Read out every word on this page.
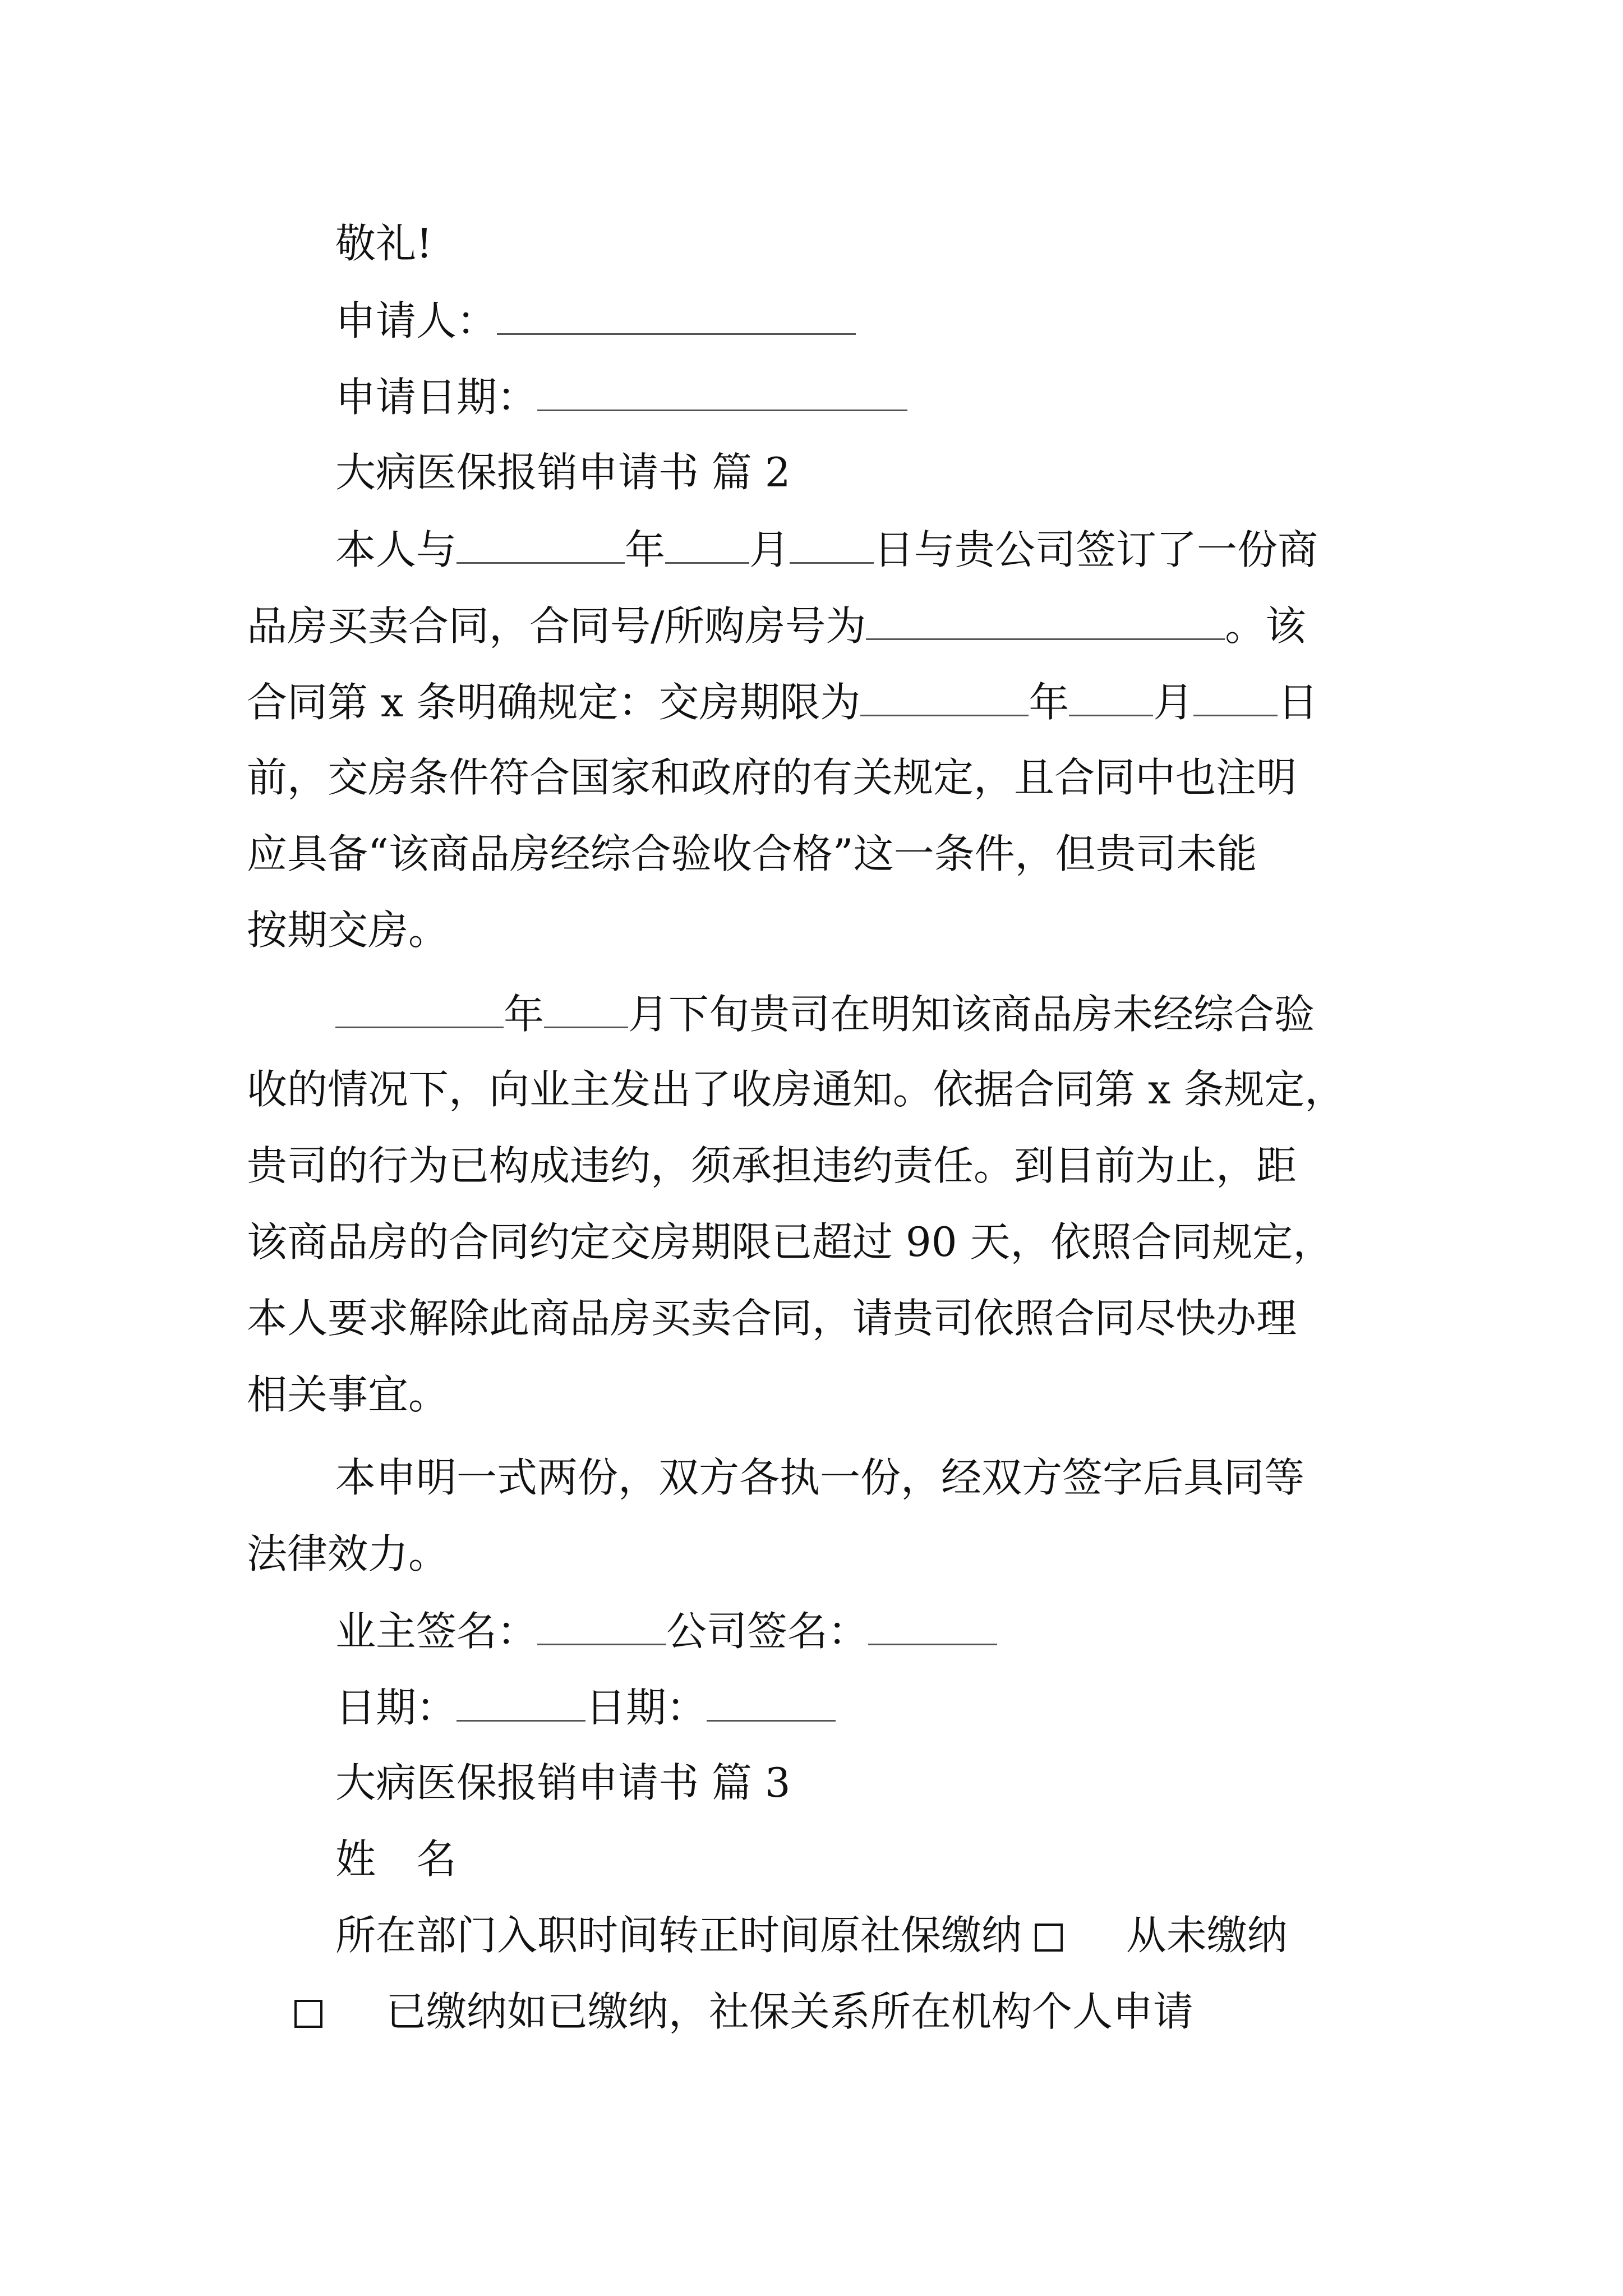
敬礼!
申请人：
申请日期：
大病医保报销申请书 篇 2
本人与	年 月 日与贵公司签订了一份商
品房买卖合同，合同号/所购房号为	。该
合同第 x 条明确规定：交房期限为	年 月 日
前，交房条件符合国家和政府的有关规定，且合同中也注明
应具备“该商品房经综合验收合格”这一条件，但贵司未能
按期交房。
年 月下旬贵司在明知该商品房未经综合验
收的情况下，向业主发出了收房通知。依据合同第 x 条规定，
贵司的行为已构成违约，须承担违约责任。到目前为止，距
该商品房的合同约定交房期限已超过 90 天，依照合同规定，
本人要求解除此商品房买卖合同，请贵司依照合同尽快办理
相关事宜。
本申明一式两份，双方各执一份，经双方签字后具同等
法律效力。
业主签名：	公司签名：
日期：	日期：
大病医保报销申请书 篇 3
姓　名
所在部门入职时间转正时间原社保缴纳	从未缴纳
已缴纳如已缴纳，社保关系所在机构个人申请
